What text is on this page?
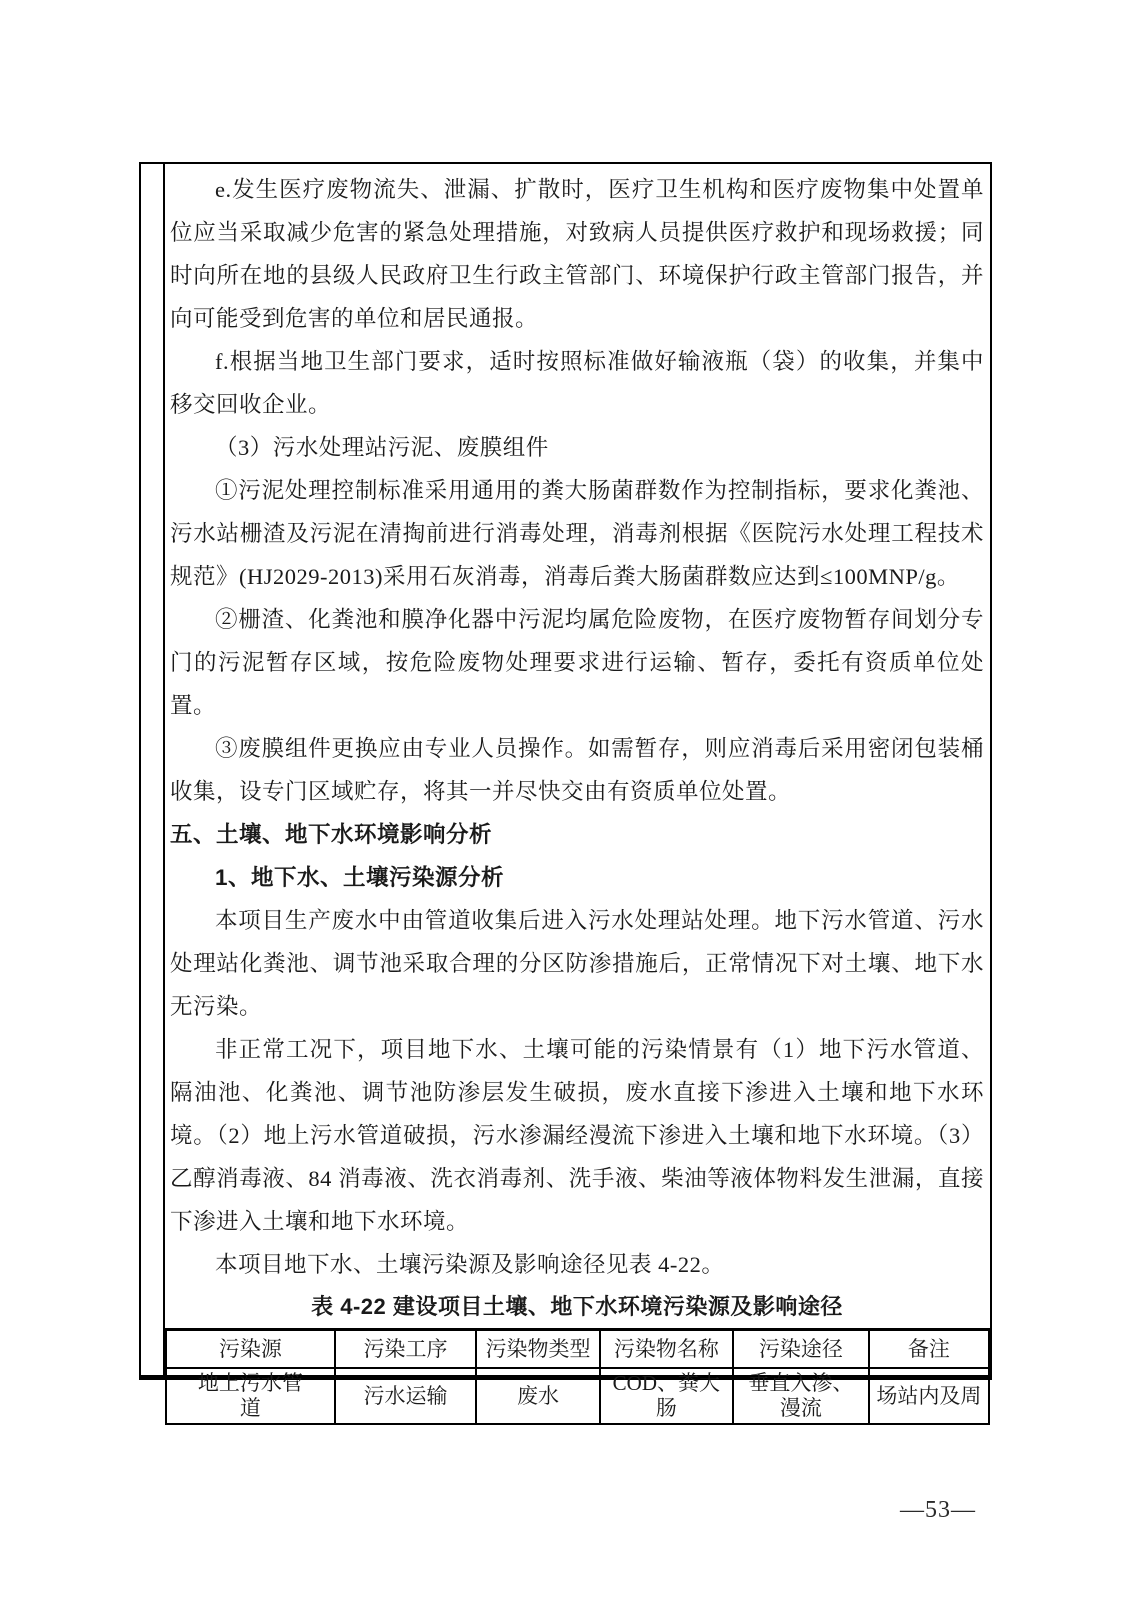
e.发生医疗废物流失、泄漏、扩散时，医疗卫生机构和医疗废物集中处置单位应当采取减少危害的紧急处理措施，对致病人员提供医疗救护和现场救援；同时向所在地的县级人民政府卫生行政主管部门、环境保护行政主管部门报告，并向可能受到危害的单位和居民通报。

f.根据当地卫生部门要求，适时按照标准做好输液瓶（袋）的收集，并集中移交回收企业。

（3）污水处理站污泥、废膜组件

①污泥处理控制标准采用通用的粪大肠菌群数作为控制指标，要求化粪池、污水站栅渣及污泥在清掏前进行消毒处理，消毒剂根据《医院污水处理工程技术规范》(HJ2029-2013)采用石灰消毒，消毒后粪大肠菌群数应达到≤100MNP/g。

②栅渣、化粪池和膜净化器中污泥均属危险废物，在医疗废物暂存间划分专门的污泥暂存区域，按危险废物处理要求进行运输、暂存，委托有资质单位处置。

③废膜组件更换应由专业人员操作。如需暂存，则应消毒后采用密闭包装桶收集，设专门区域贮存，将其一并尽快交由有资质单位处置。

五、土壤、地下水环境影响分析
1、地下水、土壤污染源分析

本项目生产废水中由管道收集后进入污水处理站处理。地下污水管道、污水处理站化粪池、调节池采取合理的分区防渗措施后，正常情况下对土壤、地下水无污染。

非正常工况下，项目地下水、土壤可能的污染情景有（1）地下污水管道、隔油池、化粪池、调节池防渗层发生破损，废水直接下渗进入土壤和地下水环境。（2）地上污水管道破损，污水渗漏经漫流下渗进入土壤和地下水环境。（3）乙醇消毒液、84 消毒液、洗衣消毒剂、洗手液、柴油等液体物料发生泄漏，直接下渗进入土壤和地下水环境。

本项目地下水、土壤污染源及影响途径见表 4-22。

表 4-22 建设项目土壤、地下水环境污染源及影响途径

污染源	污染工序	污染物类型	污染物名称	污染途径	备注
地上污水管道	污水运输	废水	COD、粪大肠	垂直入渗、漫流	场站内及周
—53—
